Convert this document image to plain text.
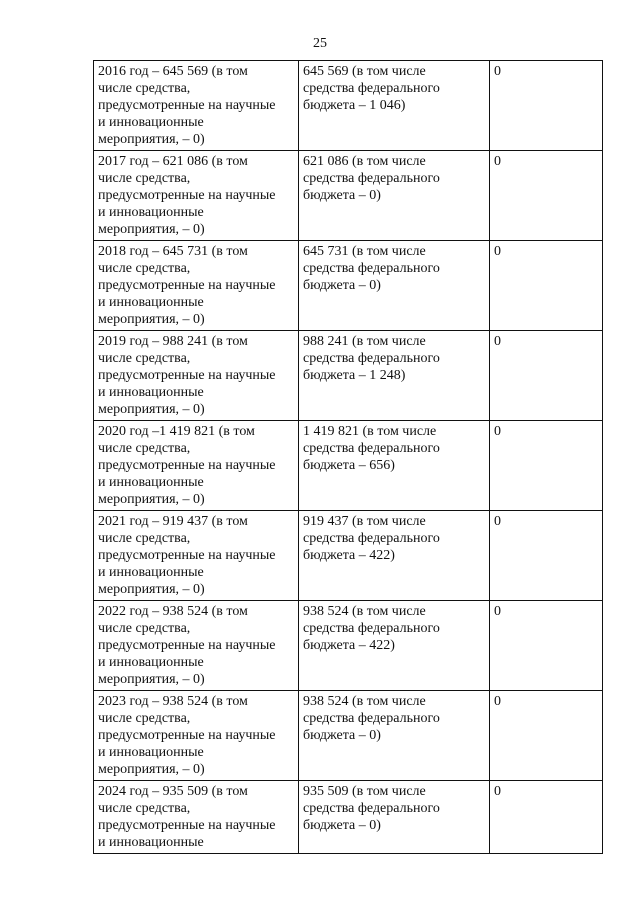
25
2016 год – 645 569 (в том
числе средства,
предусмотренные на научные
и инновационные
мероприятия, – 0)	645 569 (в том числе
средства федерального
бюджета – 1 046)	0

2017 год – 621 086 (в том
числе средства,
предусмотренные на научные
и инновационные
мероприятия, – 0)	621 086 (в том числе
средства федерального
бюджета – 0)	0

2018 год – 645 731 (в том
числе средства,
предусмотренные на научные
и инновационные
мероприятия, – 0)	645 731 (в том числе
средства федерального
бюджета – 0)	0

2019 год – 988 241 (в том
числе средства,
предусмотренные на научные
и инновационные
мероприятия, – 0)	988 241 (в том числе
средства федерального
бюджета – 1 248)	0

2020 год –1 419 821 (в том
числе средства,
предусмотренные на научные
и инновационные
мероприятия, – 0)	1 419 821 (в том числе
средства федерального
бюджета – 656)	0

2021 год – 919 437 (в том
числе средства,
предусмотренные на научные
и инновационные
мероприятия, – 0)	919 437 (в том числе
средства федерального
бюджета – 422)	0

2022 год – 938 524 (в том
числе средства,
предусмотренные на научные
и инновационные
мероприятия, – 0)	938 524 (в том числе
средства федерального
бюджета – 422)	0

2023 год – 938 524 (в том
числе средства,
предусмотренные на научные
и инновационные
мероприятия, – 0)	938 524 (в том числе
средства федерального
бюджета – 0)	0

2024 год – 935 509 (в том
числе средства,
предусмотренные на научные
и инновационные	935 509 (в том числе
средства федерального
бюджета – 0)	0
